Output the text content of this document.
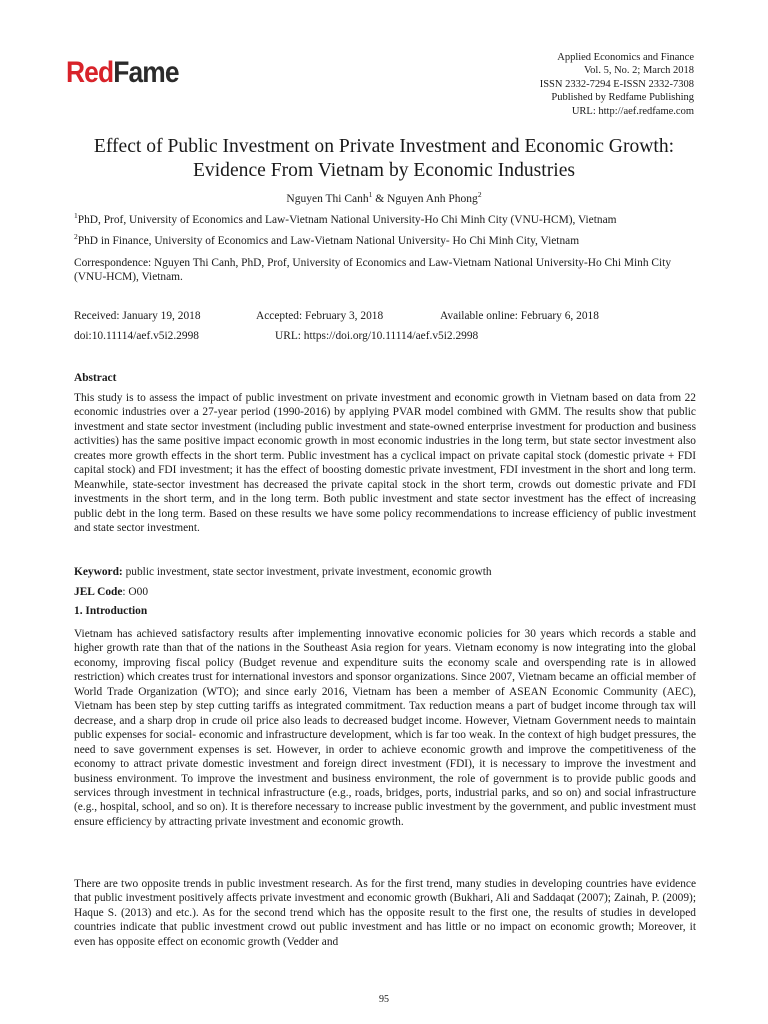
RedFame	Applied Economics and Finance
Vol. 5, No. 2; March 2018
ISSN 2332-7294 E-ISSN 2332-7308
Published by Redfame Publishing
URL: http://aef.redfame.com
Effect of Public Investment on Private Investment and Economic Growth:
Evidence From Vietnam by Economic Industries
Nguyen Thi Canh$^1$ & Nguyen Anh Phong$^2$
$^1$PhD, Prof, University of Economics and Law-Vietnam National University-Ho Chi Minh City (VNU-HCM), Vietnam
$^2$PhD in Finance, University of Economics and Law-Vietnam National University- Ho Chi Minh City, Vietnam
Correspondence: Nguyen Thi Canh, PhD, Prof, University of Economics and Law-Vietnam National University-Ho Chi Minh City (VNU-HCM), Vietnam.
Received: January 19, 2018	Accepted: February 3, 2018	Available online: February 6, 2018
doi:10.11114/aef.v5i2.2998	URL: https://doi.org/10.11114/aef.v5i2.2998
Abstract
This study is to assess the impact of public investment on private investment and economic growth in Vietnam based on data from 22 economic industries over a 27-year period (1990-2016) by applying PVAR model combined with GMM. The results show that public investment and state sector investment (including public investment and state-owned enterprise investment for production and business activities) has the same positive impact economic growth in most economic industries in the long term, but state sector investment also creates more growth effects in the short term. Public investment has a cyclical impact on private capital stock (domestic private + FDI capital stock) and FDI investment; it has the effect of boosting domestic private investment, FDI investment in the short and long term. Meanwhile, state-sector investment has decreased the private capital stock in the short term, crowds out domestic private and FDI investments in the short term, and in the long term. Both public investment and state sector investment has the effect of increasing public debt in the long term. Based on these results we have some policy recommendations to increase efficiency of public investment and state sector investment.
Keyword: public investment, state sector investment, private investment, economic growth
JEL Code: O00
1. Introduction
Vietnam has achieved satisfactory results after implementing innovative economic policies for 30 years which records a stable and higher growth rate than that of the nations in the Southeast Asia region for years. Vietnam economy is now integrating into the global economy, improving fiscal policy (Budget revenue and expenditure suits the economy scale and overspending rate is in allowed restriction) which creates trust for international investors and sponsor organizations. Since 2007, Vietnam became an official member of World Trade Organization (WTO); and since early 2016, Vietnam has been a member of ASEAN Economic Community (AEC), Vietnam has been step by step cutting tariffs as integrated commitment. Tax reduction means a part of budget income through tax will decrease, and a sharp drop in crude oil price also leads to decreased budget income. However, Vietnam Government needs to maintain public expenses for social- economic and infrastructure development, which is far too weak. In the context of high budget pressures, the need to save government expenses is set. However, in order to achieve economic growth and improve the competitiveness of the economy to attract private domestic investment and foreign direct investment (FDI), it is necessary to improve the investment and business environment. To improve the investment and business environment, the role of government is to provide public goods and services through investment in technical infrastructure (e.g., roads, bridges, ports, industrial parks, and so on) and social infrastructure (e.g., hospital, school, and so on). It is therefore necessary to increase public investment by the government, and public investment must ensure efficiency by attracting private investment and economic growth.
There are two opposite trends in public investment research. As for the first trend, many studies in developing countries have evidence that public investment positively affects private investment and economic growth (Bukhari, Ali and Saddaqat (2007); Zainah, P. (2009); Haque S. (2013) and etc.). As for the second trend which has the opposite result to the first one, the results of studies in developed countries indicate that public investment crowd out public investment and has little or no impact on economic growth; Moreover, it even has opposite effect on economic growth (Vedder and
95
